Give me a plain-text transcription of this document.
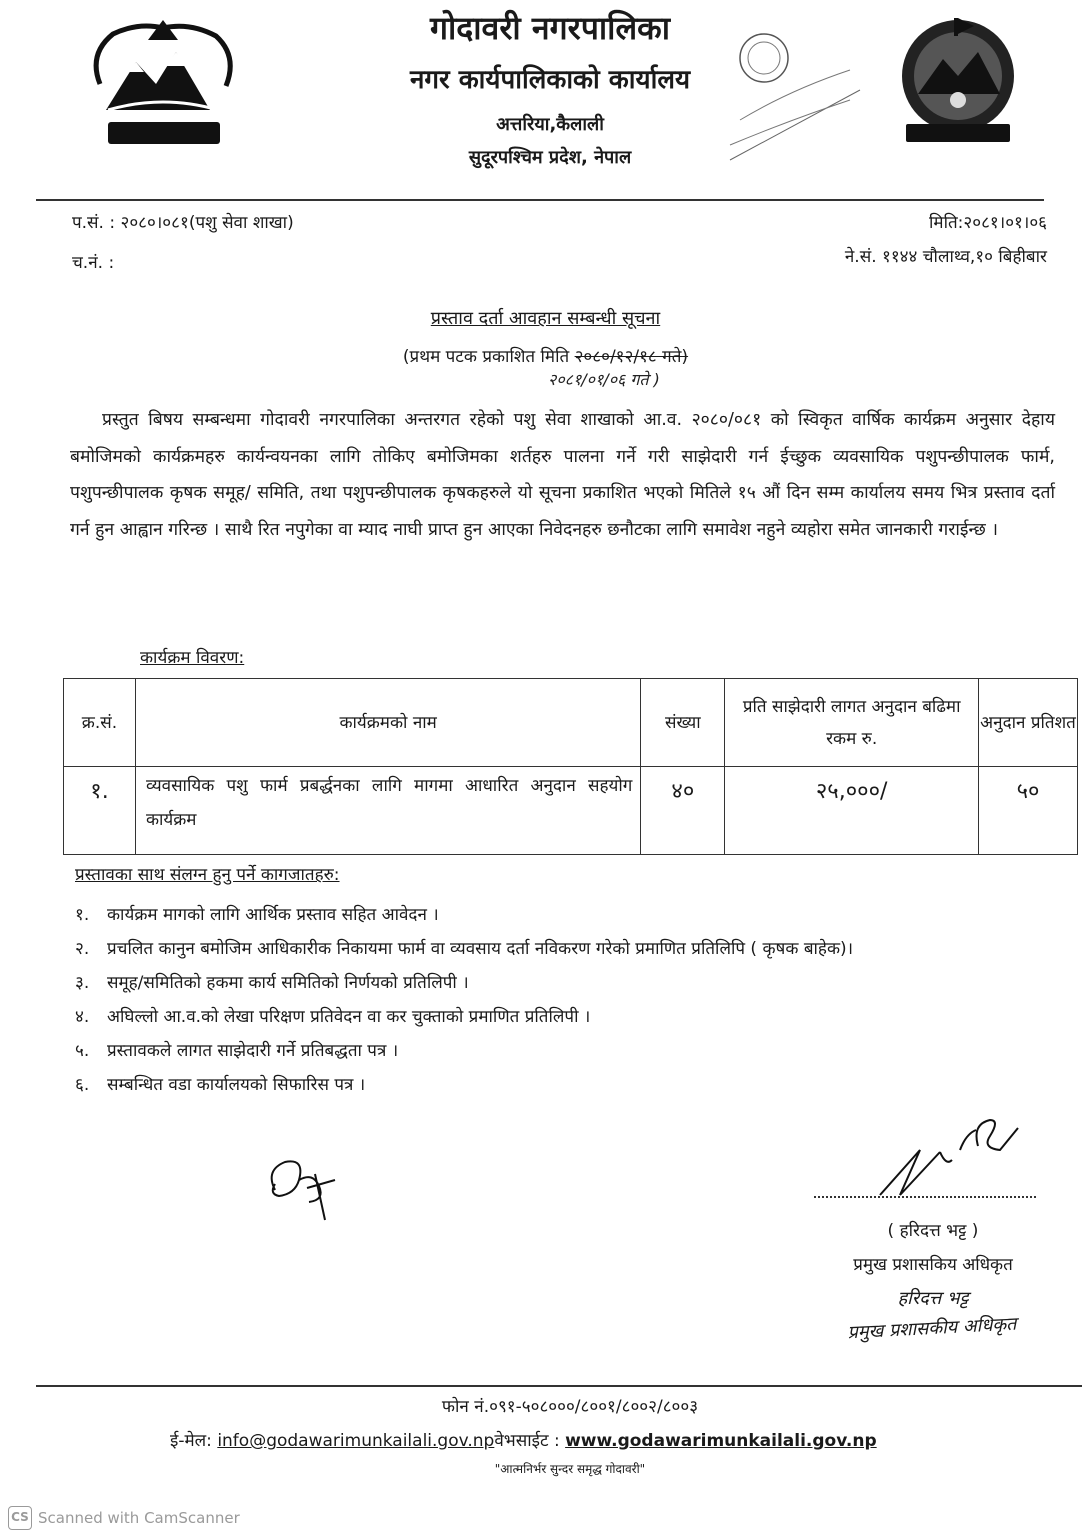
गोदावरी नगरपालिका
नगर कार्यपालिकाको कार्यालय
अत्तरिया,कैलाली
सुदूरपश्चिम प्रदेश, नेपाल
प.सं. : २०८०।०८१(पशु सेवा शाखा)
च.नं. :
मिति:२०८१।०१।०६
ने.सं. ११४४ चौलाथ्व,१० बिहीबार
प्रस्ताव दर्ता आवहान सम्बन्धी सूचना
(प्रथम पटक प्रकाशित मिति २०८०/१२/१८ गते)
२०८१/०१/०६ गते )
प्रस्तुत बिषय सम्बन्धमा गोदावरी नगरपालिका अन्तरगत रहेको पशु सेवा शाखाको आ.व. २०८०/०८१ को स्विकृत वार्षिक कार्यक्रम अनुसार देहाय बमोजिमको कार्यक्रमहरु कार्यन्वयनका लागि तोकिए बमोजिमका शर्तहरु पालना गर्ने गरी साझेदारी गर्न ईच्छुक व्यवसायिक पशुपन्छीपालक फार्म, पशुपन्छीपालक कृषक समूह/ समिति, तथा पशुपन्छीपालक कृषकहरुले यो सूचना प्रकाशित भएको मितिले १५ औं दिन सम्म कार्यालय समय भित्र प्रस्ताव दर्ता गर्न हुन आह्वान गरिन्छ । साथै रित नपुगेका वा म्याद नाघी प्राप्त हुन आएका निवेदनहरु छनौटका लागि समावेश नहुने व्यहोरा समेत जानकारी गराईन्छ ।
कार्यक्रम विवरण:
क्र.सं.	कार्यक्रमको नाम	संख्या	प्रति साझेदारी लागत अनुदान बढिमा रकम रु.	अनुदान प्रतिशत
१.	व्यवसायिक पशु फार्म प्रबर्द्धनका लागि मागमा आधारित अनुदान सहयोग कार्यक्रम	४०	२५,०००/	५०
प्रस्तावका साथ संलग्न हुनु पर्ने कागजातहरु:
१.	कार्यक्रम मागको लागि आर्थिक प्रस्ताव सहित आवेदन ।
२.	प्रचलित कानुन बमोजिम आधिकारीक निकायमा फार्म वा व्यवसाय दर्ता नविकरण गरेको प्रमाणित प्रतिलिपि ( कृषक बाहेक)।
३.	समूह/समितिको हकमा कार्य समितिको निर्णयको प्रतिलिपी ।
४.	अघिल्लो आ.व.को लेखा परिक्षण प्रतिवेदन वा कर चुक्ताको प्रमाणित प्रतिलिपी ।
५.	प्रस्तावकले लागत साझेदारी गर्ने प्रतिबद्धता पत्र ।
६.	सम्बन्धित वडा कार्यालयको सिफारिस पत्र ।
( हरिदत्त भट्ट )
प्रमुख प्रशासकिय अधिकृत
हरिदत्त भट्ट
प्रमुख प्रशासकीय अधिकृत
फोन नं.०९१-५०८०००/८००१/८००२/८००३
ई-मेल: info@godawarimunkailali.gov.npवेभसाईट : www.godawarimunkailali.gov.np
"आत्मनिर्भर सुन्दर समृद्ध गोदावरी"
CS Scanned with CamScanner
